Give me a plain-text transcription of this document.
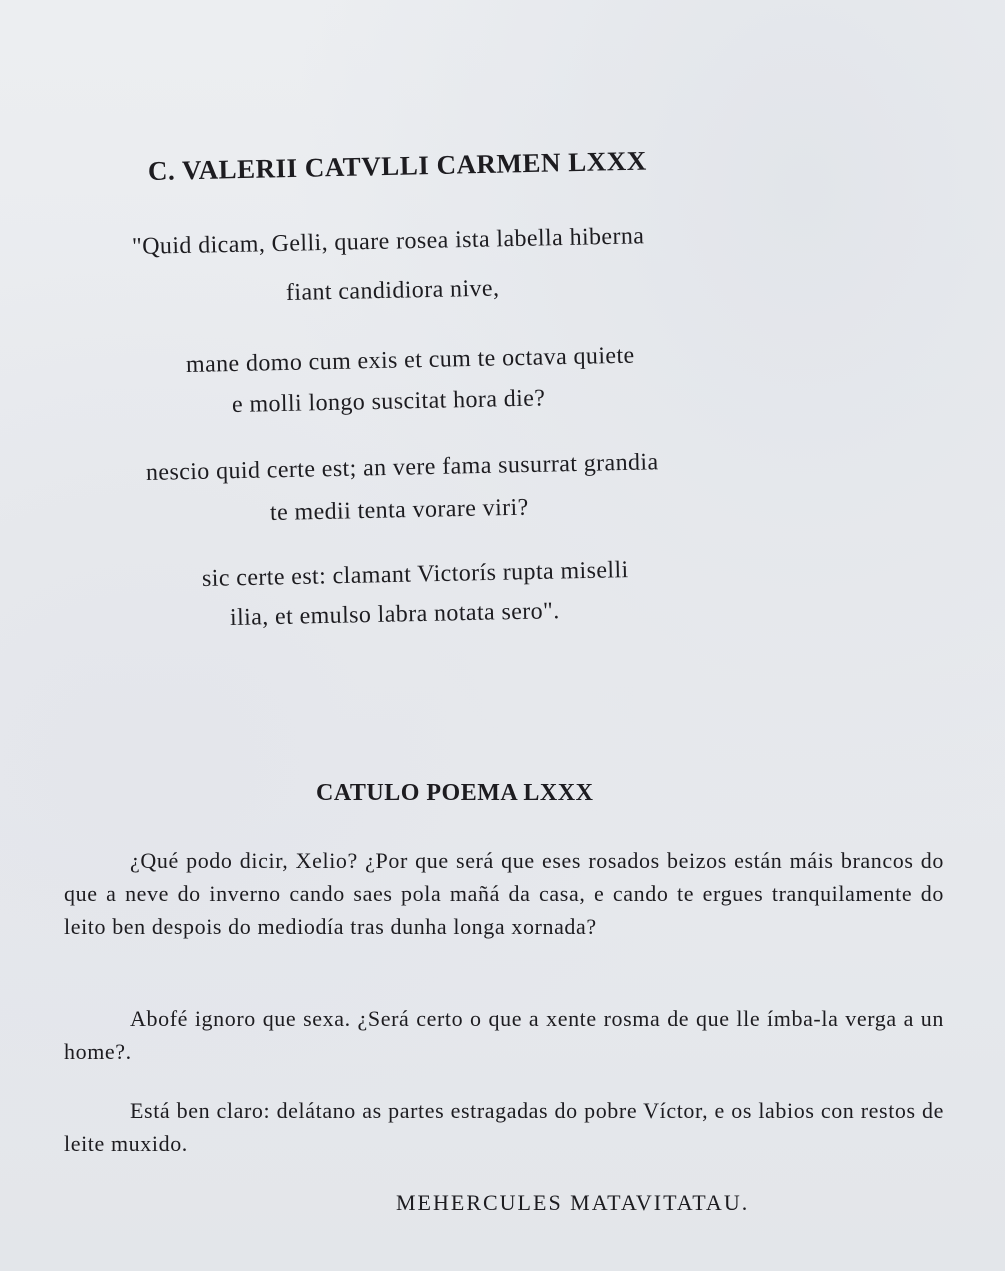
C. VALERII CATVLLI CARMEN LXXX
"Quid dicam, Gelli, quare rosea ista labella hiberna
fiant candidiora nive,
mane domo cum exis et cum te octava quiete
e molli longo suscitat hora die?
nescio quid certe est; an vere fama susurrat grandia
te medii tenta vorare viri?
sic certe est: clamant Victorís rupta miselli
ilia, et emulso labra notata sero".
CATULO POEMA LXXX
¿Qué podo dicir, Xelio? ¿Por que será que eses rosados beizos están máis brancos do que a neve do inverno cando saes pola mañá da casa, e cando te ergues tranquilamente do leito ben despois do mediodía tras dunha longa xornada?
Abofé ignoro que sexa. ¿Será certo o que a xente rosma de que lle ímba-la verga a un home?.
Está ben claro: delátano as partes estragadas do pobre Víctor, e os labios con restos de leite muxido.
MEHERCULES MATAVITATAU.
